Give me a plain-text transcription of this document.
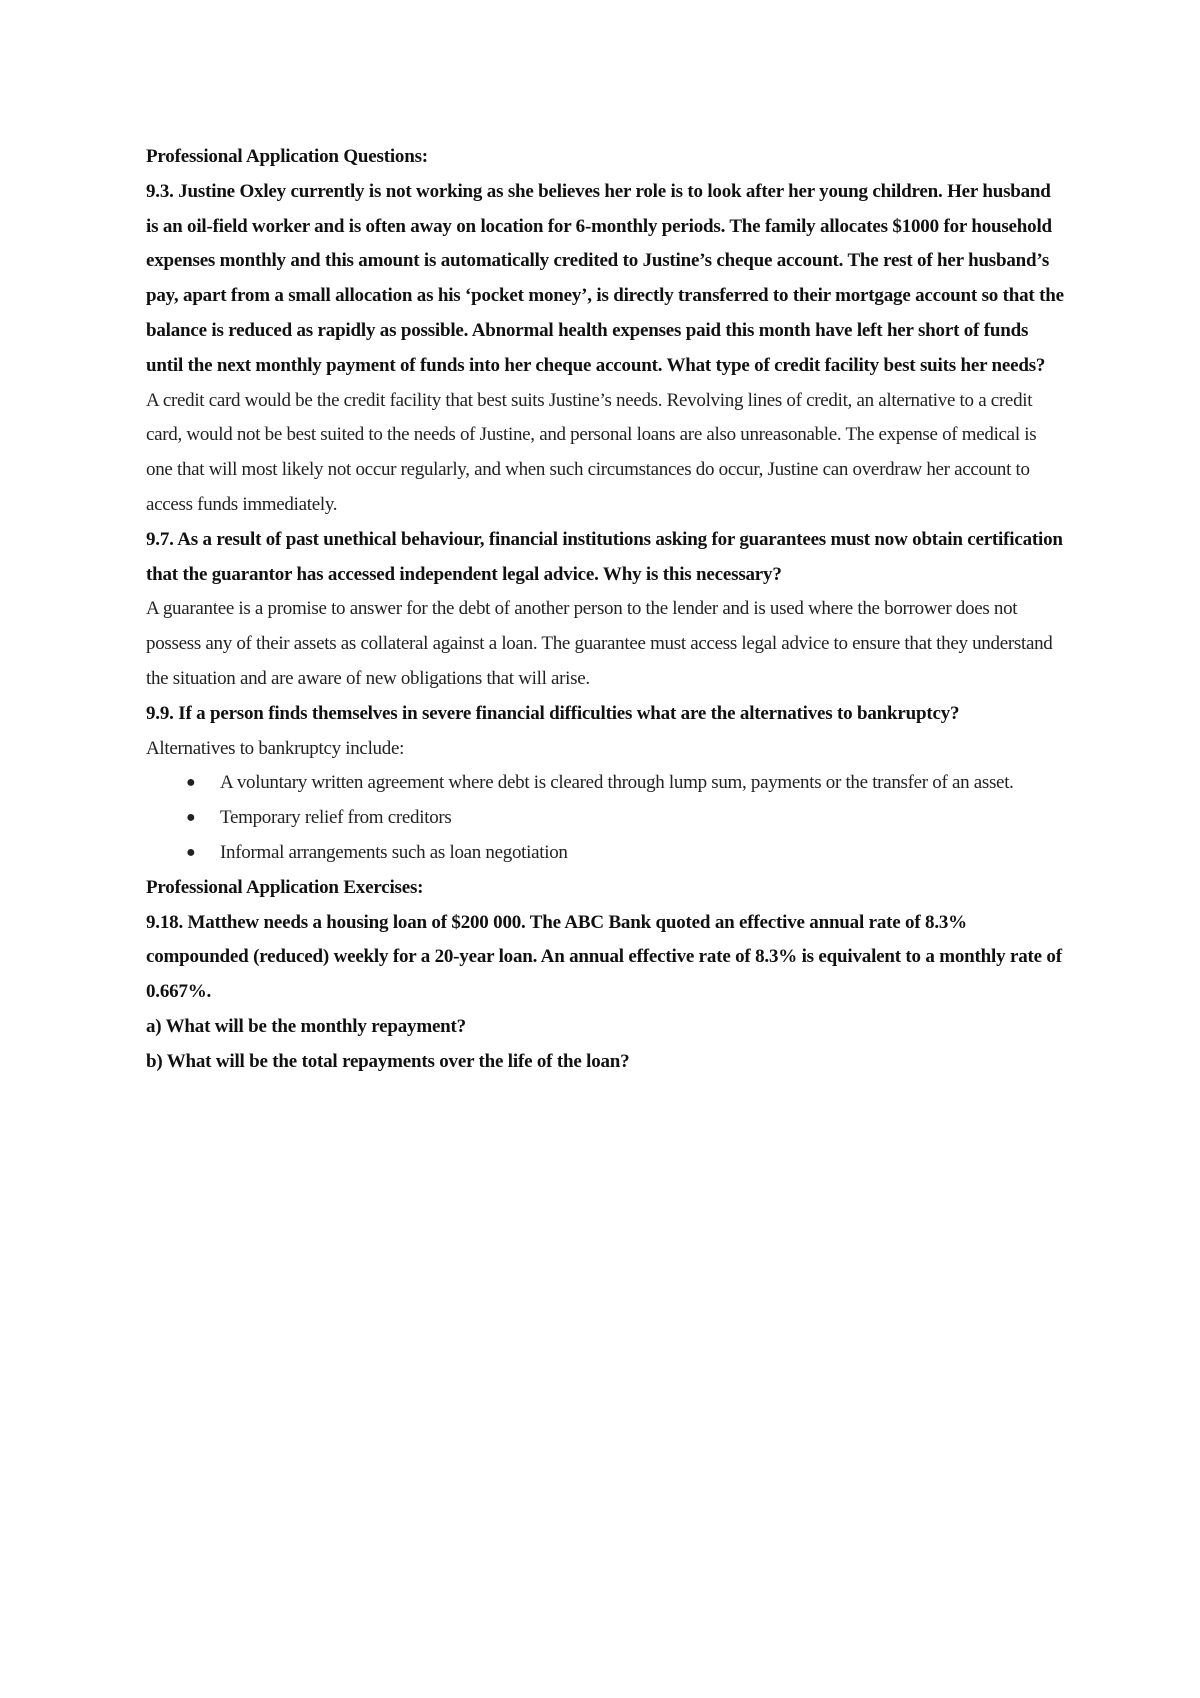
Professional Application Questions:

9.3. Justine Oxley currently is not working as she believes her role is to look after her young children. Her husband is an oil-field worker and is often away on location for 6-monthly periods. The family allocates $1000 for household expenses monthly and this amount is automatically credited to Justine’s cheque account. The rest of her husband’s pay, apart from a small allocation as his ‘pocket money’, is directly transferred to their mortgage account so that the balance is reduced as rapidly as possible. Abnormal health expenses paid this month have left her short of funds until the next monthly payment of funds into her cheque account. What type of credit facility best suits her needs?

A credit card would be the credit facility that best suits Justine’s needs. Revolving lines of credit, an alternative to a credit card, would not be best suited to the needs of Justine, and personal loans are also unreasonable. The expense of medical is one that will most likely not occur regularly, and when such circumstances do occur, Justine can overdraw her account to access funds immediately.

9.7. As a result of past unethical behaviour, financial institutions asking for guarantees must now obtain certification that the guarantor has accessed independent legal advice. Why is this necessary?

A guarantee is a promise to answer for the debt of another person to the lender and is used where the borrower does not possess any of their assets as collateral against a loan. The guarantee must access legal advice to ensure that they understand the situation and are aware of new obligations that will arise.

9.9. If a person finds themselves in severe financial difficulties what are the alternatives to bankruptcy?

Alternatives to bankruptcy include:

● A voluntary written agreement where debt is cleared through lump sum, payments or the transfer of an asset.
● Temporary relief from creditors
● Informal arrangements such as loan negotiation

Professional Application Exercises:

9.18. Matthew needs a housing loan of $200 000. The ABC Bank quoted an effective annual rate of 8.3% compounded (reduced) weekly for a 20-year loan. An annual effective rate of 8.3% is equivalent to a monthly rate of 0.667%.

a) What will be the monthly repayment?

b) What will be the total repayments over the life of the loan?
